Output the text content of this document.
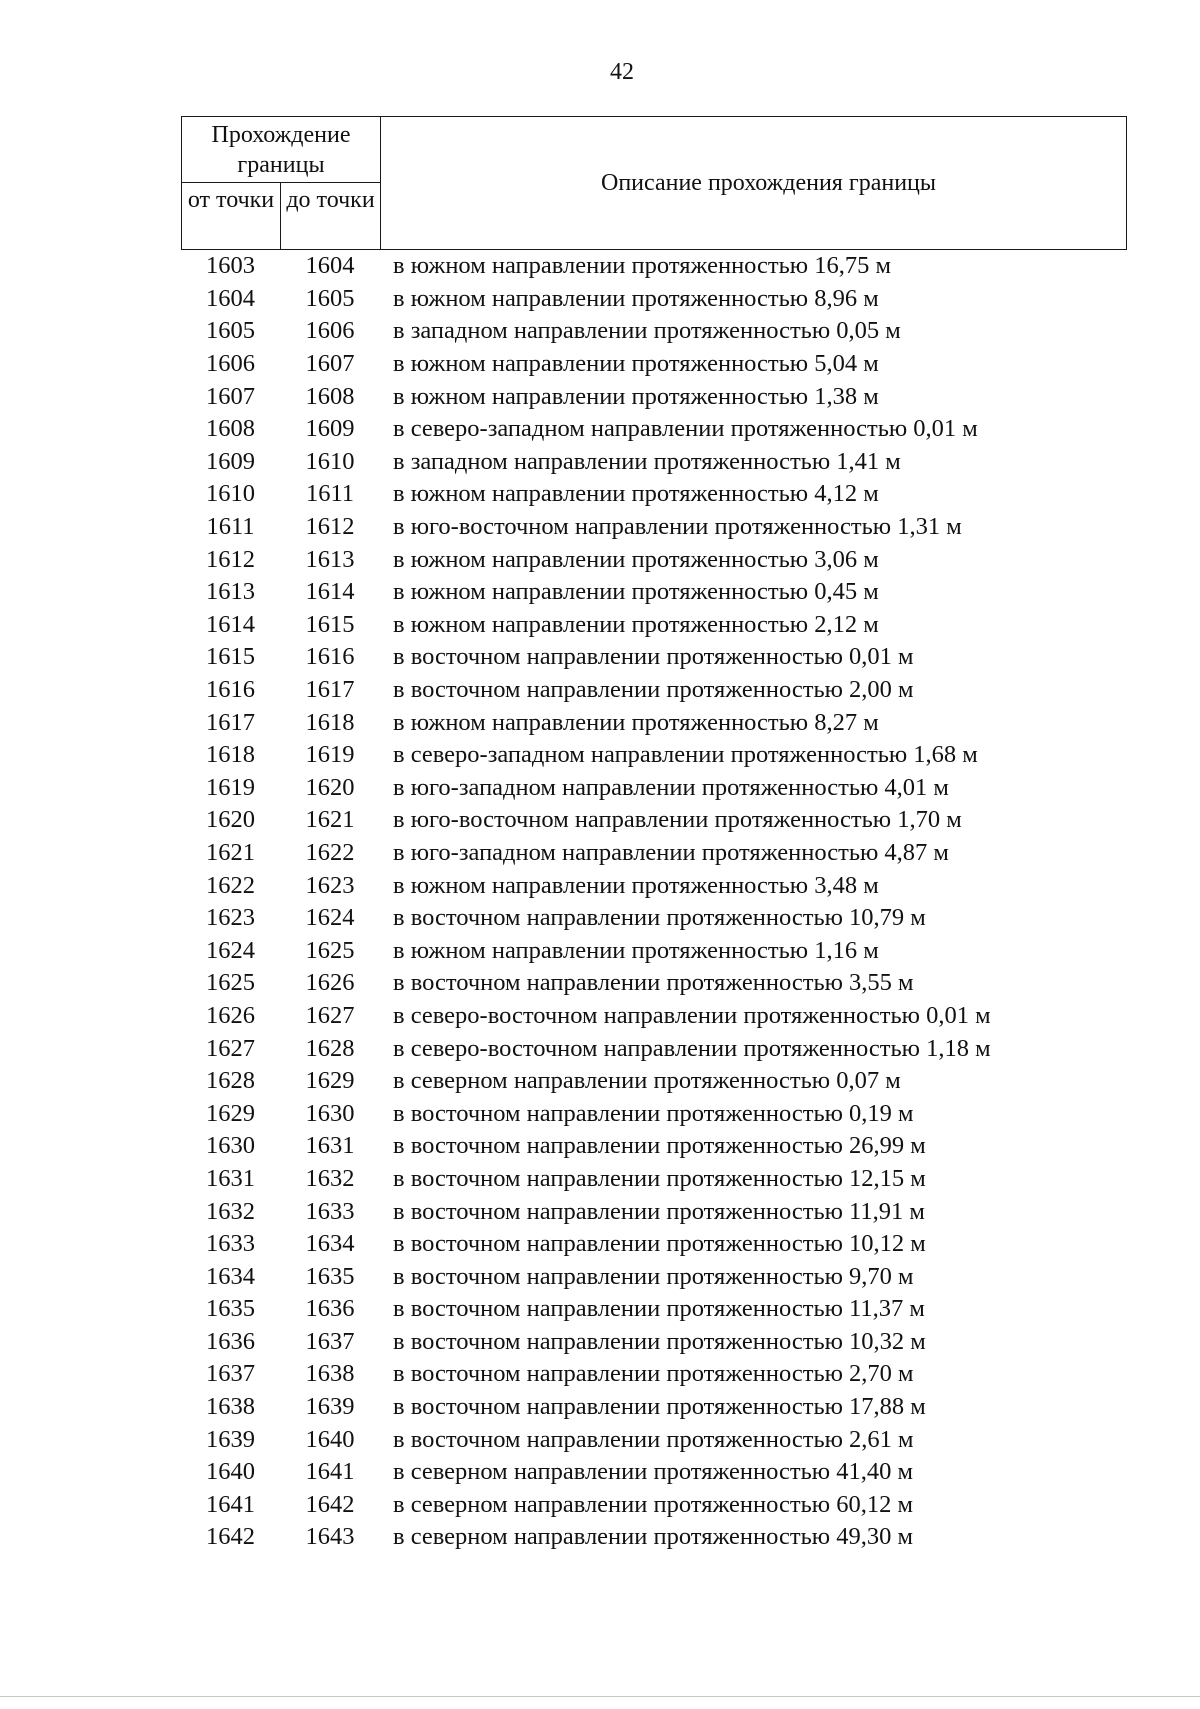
42
Прохождение границы
от точки до точки
Описание прохождения границы
1603	1604	в южном направлении протяженностью 16,75 м
1604	1605	в южном направлении протяженностью 8,96 м
1605	1606	в западном направлении протяженностью 0,05 м
1606	1607	в южном направлении протяженностью 5,04 м
1607	1608	в южном направлении протяженностью 1,38 м
1608	1609	в северо-западном направлении протяженностью 0,01 м
1609	1610	в западном направлении протяженностью 1,41 м
1610	1611	в южном направлении протяженностью 4,12 м
1611	1612	в юго-восточном направлении протяженностью 1,31 м
1612	1613	в южном направлении протяженностью 3,06 м
1613	1614	в южном направлении протяженностью 0,45 м
1614	1615	в южном направлении протяженностью 2,12 м
1615	1616	в восточном направлении протяженностью 0,01 м
1616	1617	в восточном направлении протяженностью 2,00 м
1617	1618	в южном направлении протяженностью 8,27 м
1618	1619	в северо-западном направлении протяженностью 1,68 м
1619	1620	в юго-западном направлении протяженностью 4,01 м
1620	1621	в юго-восточном направлении протяженностью 1,70 м
1621	1622	в юго-западном направлении протяженностью 4,87 м
1622	1623	в южном направлении протяженностью 3,48 м
1623	1624	в восточном направлении протяженностью 10,79 м
1624	1625	в южном направлении протяженностью 1,16 м
1625	1626	в восточном направлении протяженностью 3,55 м
1626	1627	в северо-восточном направлении протяженностью 0,01 м
1627	1628	в северо-восточном направлении протяженностью 1,18 м
1628	1629	в северном направлении протяженностью 0,07 м
1629	1630	в восточном направлении протяженностью 0,19 м
1630	1631	в восточном направлении протяженностью 26,99 м
1631	1632	в восточном направлении протяженностью 12,15 м
1632	1633	в восточном направлении протяженностью 11,91 м
1633	1634	в восточном направлении протяженностью 10,12 м
1634	1635	в восточном направлении протяженностью 9,70 м
1635	1636	в восточном направлении протяженностью 11,37 м
1636	1637	в восточном направлении протяженностью 10,32 м
1637	1638	в восточном направлении протяженностью 2,70 м
1638	1639	в восточном направлении протяженностью 17,88 м
1639	1640	в восточном направлении протяженностью 2,61 м
1640	1641	в северном направлении протяженностью 41,40 м
1641	1642	в северном направлении протяженностью 60,12 м
1642	1643	в северном направлении протяженностью 49,30 м
